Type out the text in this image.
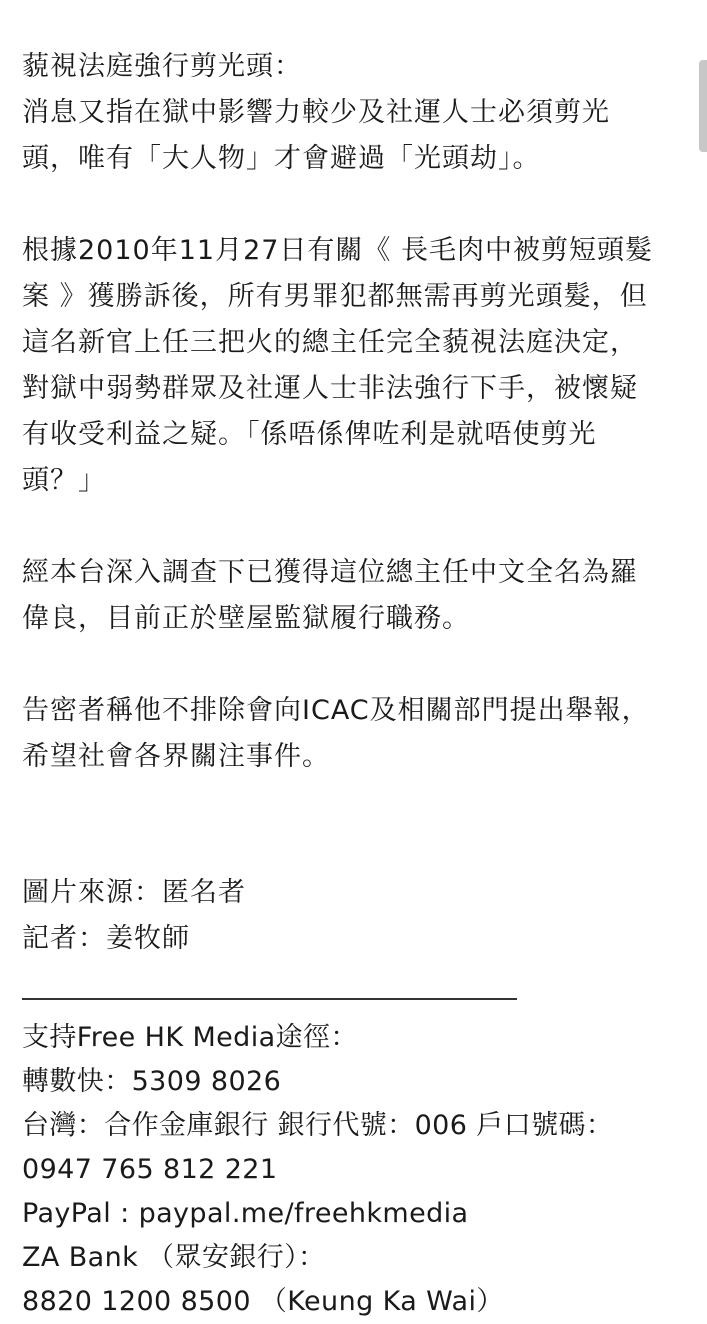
藐視法庭強行剪光頭：

消息又指在獄中影響力較少及社運人士必須剪光
頭，唯有「大人物」才會避過「光頭劫」。

根據2010年11月27日有關《 長毛肉中被剪短頭髮
案 》獲勝訴後，所有男罪犯都無需再剪光頭髮，但
這名新官上任三把火的總主任完全藐視法庭決定，
對獄中弱勢群眾及社運人士非法強行下手，被懷疑
有收受利益之疑。「係唔係俾咗利是就唔使剪光
頭？」

經本台深入調查下已獲得這位總主任中文全名為羅
偉良，目前正於壁屋監獄履行職務。

告密者稱他不排除會向ICAC及相關部門提出舉報，
希望社會各界關注事件。

圖片來源：匿名者
記者：姜牧師

支持Free HK Media途徑：
轉數快：5309 8026
台灣：合作金庫銀行 銀行代號：006 戶口號碼：
0947 765 812 221
PayPal : paypal.me/freehkmedia
ZA Bank （眾安銀行）：
8820 1200 8500 （Keung Ka Wai）
